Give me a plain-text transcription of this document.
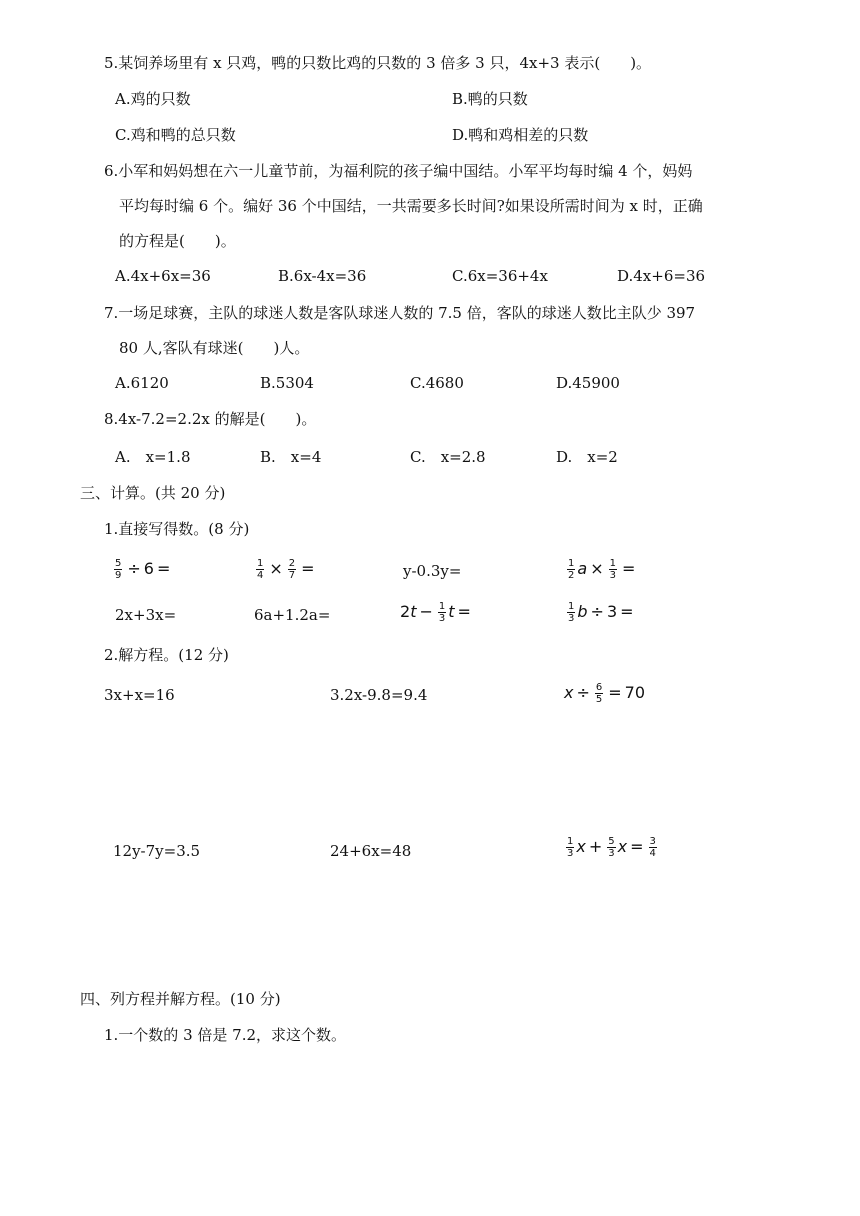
5.某饲养场里有 x 只鸡，鸭的只数比鸡的只数的 3 倍多 3 只，4x+3 表示(　　)。
A.鸡的只数	B.鸭的只数
C.鸡和鸭的总只数	D.鸭和鸡相差的只数
6.小军和妈妈想在六一儿童节前，为福利院的孩子编中国结。小军平均每时编 4 个，妈妈
平均每时编 6 个。编好 36 个中国结，一共需要多长时间?如果设所需时间为 x 时，正确
的方程是(　　)。
A.4x+6x=36	B.6x-4x=36	C.6x=36+4x	D.4x+6=36
7.一场足球赛，主队的球迷人数是客队球迷人数的 7.5 倍，客队的球迷人数比主队少 397
80 人,客队有球迷(　　)人。
A.6120	B.5304	C.4680	D.45900
8.4x-7.2=2.2x 的解是(　　)。
A.　x=1.8	B.　x=4	C.　x=2.8	D.　x=2
三、计算。(共 20 分)
1.直接写得数。(8 分)
$\frac{5}{9} \div 6$ =	$\frac{1}{4} \times \frac{2}{7}$ =	y-0.3y=	$\frac{1}{2}$ $a \times \frac{1}{3}$ =
2x+3x=	6a+1.2a=	$2t - \frac{1}{3}$ t =	$\frac{1}{3}$ b ÷ 3 =
2.解方程。(12 分)
3x+x=16	3.2x-9.8=9.4	$x \div \frac{6}{5} = 70$
12y-7y=3.5	24+6x=48	$\frac{1}{3}$ $x + \frac{5}{3}$ $x = \frac{3}{4}$
四、列方程并解方程。(10 分)
1.一个数的 3 倍是 7.2，求这个数。
